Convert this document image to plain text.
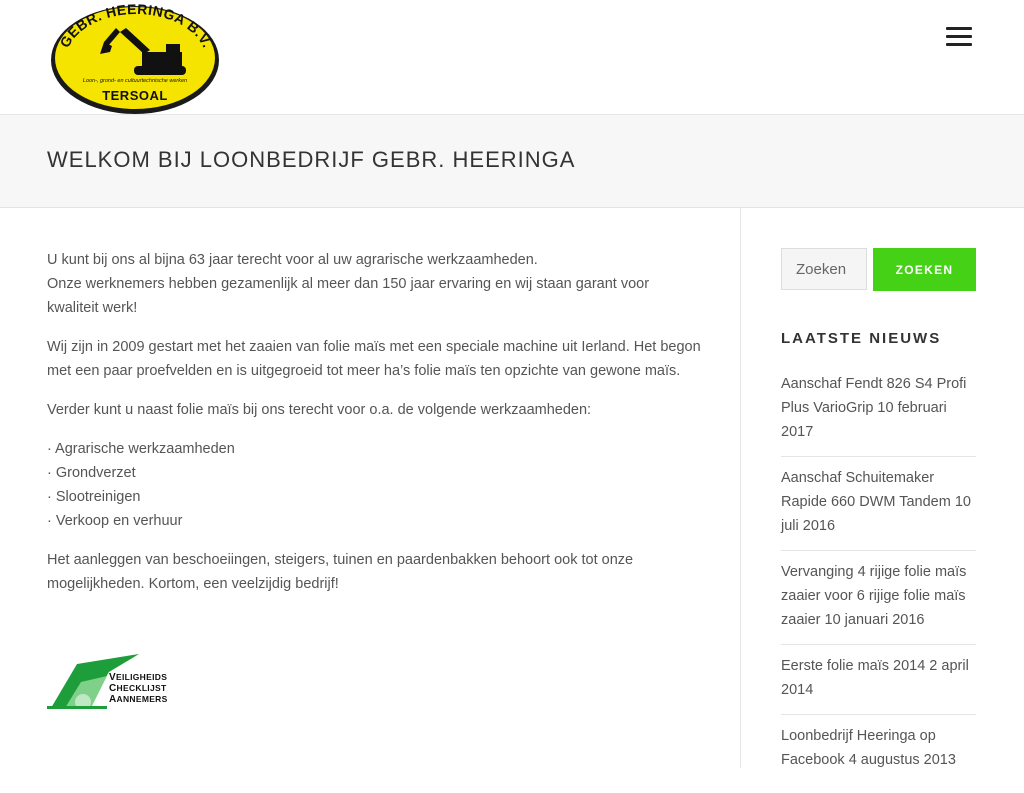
GEBR. HEERINGA B.V.
Loon-, grond- en cultuurtechnische werken
TERSOAL
WELKOM BIJ LOONBEDRIJF GEBR. HEERINGA

U kunt bij ons al bijna 63 jaar terecht voor al uw agrarische werkzaamheden.
Onze werknemers hebben gezamenlijk al meer dan 150 jaar ervaring en wij staan garant voor kwaliteit werk!

Wij zijn in 2009 gestart met het zaaien van folie maïs met een speciale machine uit Ierland. Het begon met een paar proefvelden en is uitgegroeid tot meer ha’s folie maïs ten opzichte van gewone maïs.

Verder kunt u naast folie maïs bij ons terecht voor o.a. de volgende werkzaamheden:

· Agrarische werkzaamheden
· Grondverzet
· Slootreinigen
· Verkoop en verhuur

Het aanleggen van beschoeiingen, steigers, tuinen en paardenbakken behoort ook tot onze mogelijkheden. Kortom, een veelzijdig bedrijf!

VEILIGHEIDS
CHECKLIJST
AANNEMERS
Zoeken
ZOEKEN
LAATSTE NIEUWS
Aanschaf Fendt 826 S4 Profi Plus VarioGrip 10 februari 2017
Aanschaf Schuitemaker Rapide 660 DWM Tandem 10 juli 2016
Vervanging 4 rijige folie maïs zaaier voor 6 rijige folie maïs zaaier 10 januari 2016
Eerste folie maïs 2014 2 april 2014
Loonbedrijf Heeringa op Facebook 4 augustus 2013
